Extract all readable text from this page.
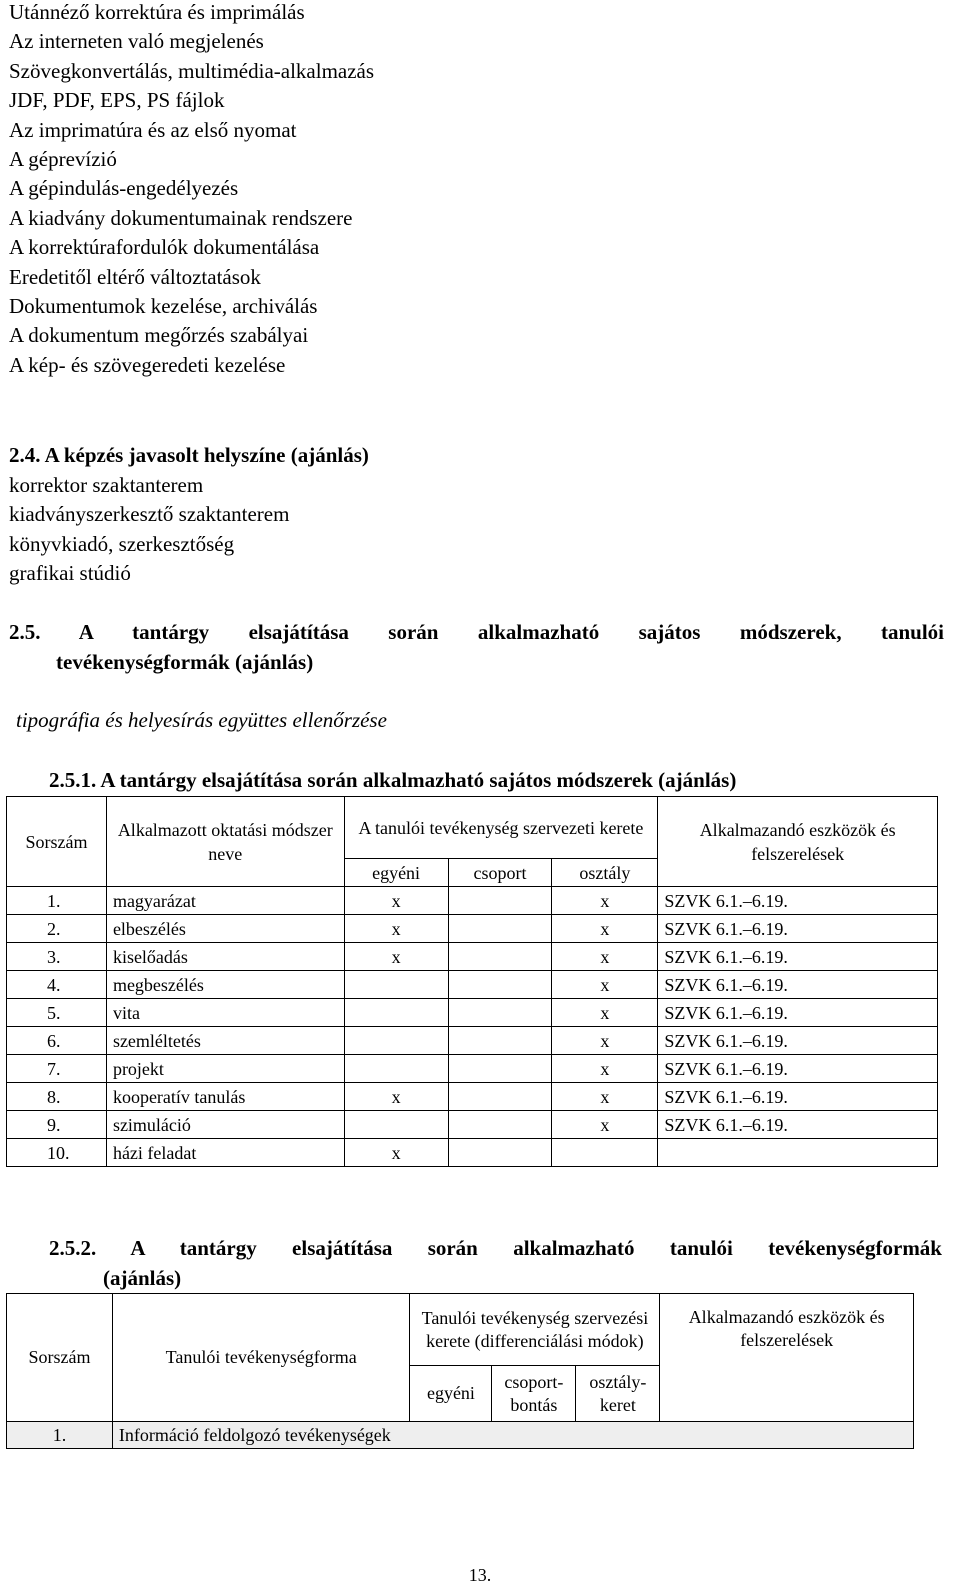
Utánnéző korrektúra és imprimálás
Az interneten való megjelenés
Szövegkonvertálás, multimédia-alkalmazás
JDF, PDF, EPS, PS fájlok
Az imprimatúra és az első nyomat
A géprevízió
A gépindulás-engedélyezés
A kiadvány dokumentumainak rendszere
A korrektúrafordulók dokumentálása
Eredetitől eltérő változtatások
Dokumentumok kezelése, archiválás
A dokumentum megőrzés szabályai
A kép- és szövegeredeti kezelése
2.4. A képzés javasolt helyszíne (ajánlás)
korrektor szaktanterem
kiadványszerkesztő szaktanterem
könyvkiadó, szerkesztőség
grafikai stúdió
2.5. A tantárgy elsajátítása során alkalmazható sajátos módszerek, tanulói
tevékenységformák (ajánlás)
tipográfia és helyesírás együttes ellenőrzése
2.5.1. A tantárgy elsajátítása során alkalmazható sajátos módszerek (ajánlás)
Sorszám	Alkalmazott oktatási módszer neve	A tanulói tevékenység szervezeti kerete			Alkalmazandó eszközök és felszerelések
		egyéni	csoport	osztály	
1.	magyarázat	x		x	SZVK 6.1.–6.19.
2.	elbeszélés	x		x	SZVK 6.1.–6.19.
3.	kiselőadás	x		x	SZVK 6.1.–6.19.
4.	megbeszélés			x	SZVK 6.1.–6.19.
5.	vita			x	SZVK 6.1.–6.19.
6.	szemléltetés			x	SZVK 6.1.–6.19.
7.	projekt			x	SZVK 6.1.–6.19.
8.	kooperatív tanulás	x		x	SZVK 6.1.–6.19.
9.	szimuláció			x	SZVK 6.1.–6.19.
10.	házi feladat	x			
2.5.2. A tantárgy elsajátítása során alkalmazható tanulói tevékenységformák
(ajánlás)
Sorszám	Tanulói tevékenységforma	Tanulói tevékenység szervezési kerete (differenciálási módok)			Alkalmazandó eszközök és felszerelések
		egyéni	csoport-bontás	osztály-keret	
1.	Információ feldolgozó tevékenységek				
13.
